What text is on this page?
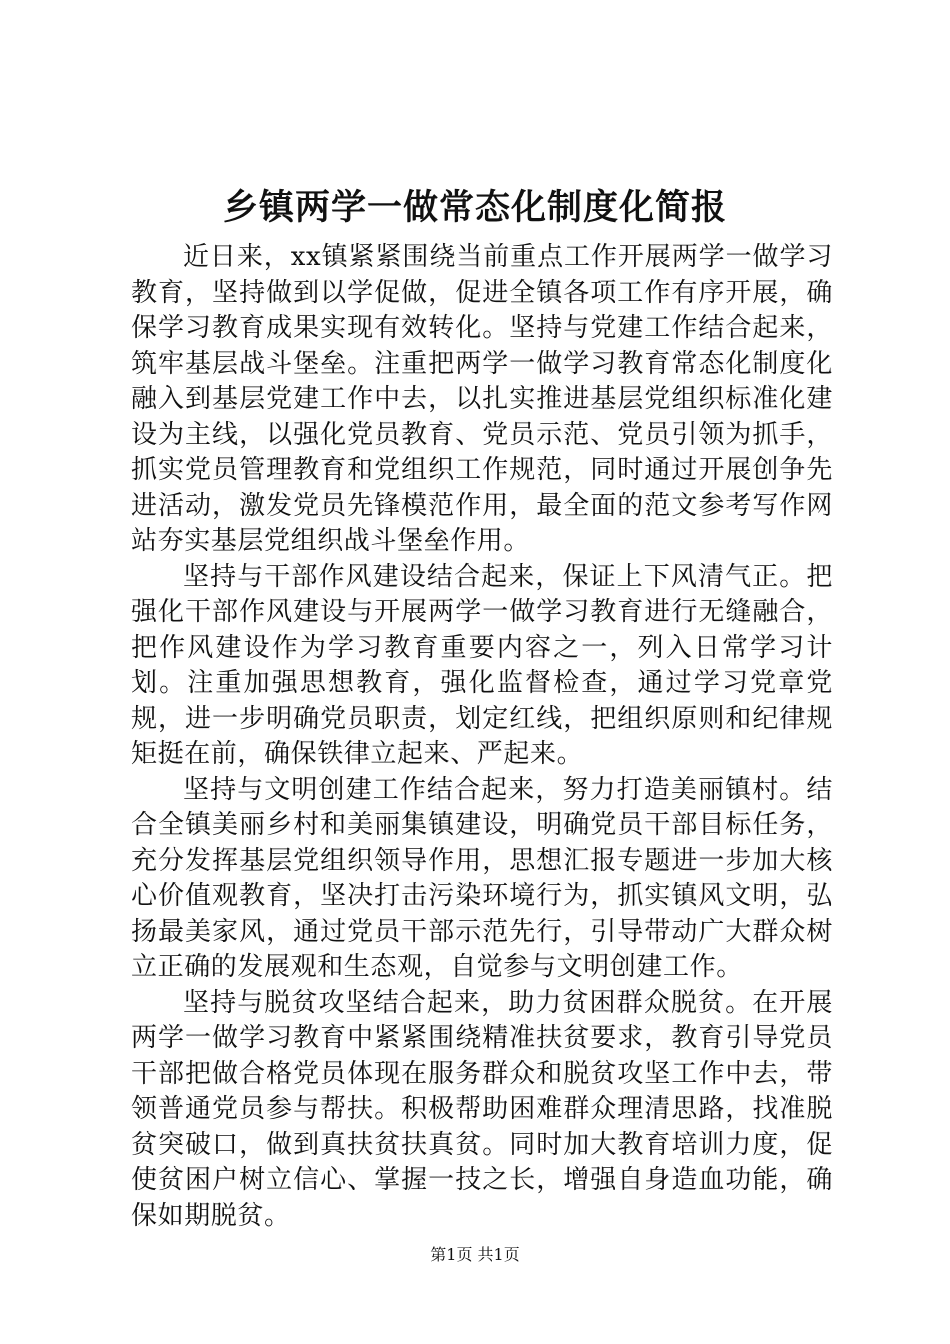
乡镇两学一做常态化制度化简报

近日来，xx镇紧紧围绕当前重点工作开展两学一做学习教育，坚持做到以学促做，促进全镇各项工作有序开展，确保学习教育成果实现有效转化。坚持与党建工作结合起来，筑牢基层战斗堡垒。注重把两学一做学习教育常态化制度化融入到基层党建工作中去，以扎实推进基层党组织标准化建设为主线，以强化党员教育、党员示范、党员引领为抓手，抓实党员管理教育和党组织工作规范，同时通过开展创争先进活动，激发党员先锋模范作用，最全面的范文参考写作网站夯实基层党组织战斗堡垒作用。

坚持与干部作风建设结合起来，保证上下风清气正。把强化干部作风建设与开展两学一做学习教育进行无缝融合，把作风建设作为学习教育重要内容之一，列入日常学习计划。注重加强思想教育，强化监督检查，通过学习党章党规，进一步明确党员职责，划定红线，把组织原则和纪律规矩挺在前，确保铁律立起来、严起来。

坚持与文明创建工作结合起来，努力打造美丽镇村。结合全镇美丽乡村和美丽集镇建设，明确党员干部目标任务，充分发挥基层党组织领导作用，思想汇报专题进一步加大核心价值观教育，坚决打击污染环境行为，抓实镇风文明，弘扬最美家风，通过党员干部示范先行，引导带动广大群众树立正确的发展观和生态观，自觉参与文明创建工作。

坚持与脱贫攻坚结合起来，助力贫困群众脱贫。在开展两学一做学习教育中紧紧围绕精准扶贫要求，教育引导党员干部把做合格党员体现在服务群众和脱贫攻坚工作中去，带领普通党员参与帮扶。积极帮助困难群众理清思路，找准脱贫突破口，做到真扶贫扶真贫。同时加大教育培训力度，促使贫困户树立信心、掌握一技之长，增强自身造血功能，确保如期脱贫。

第1页 共1页
